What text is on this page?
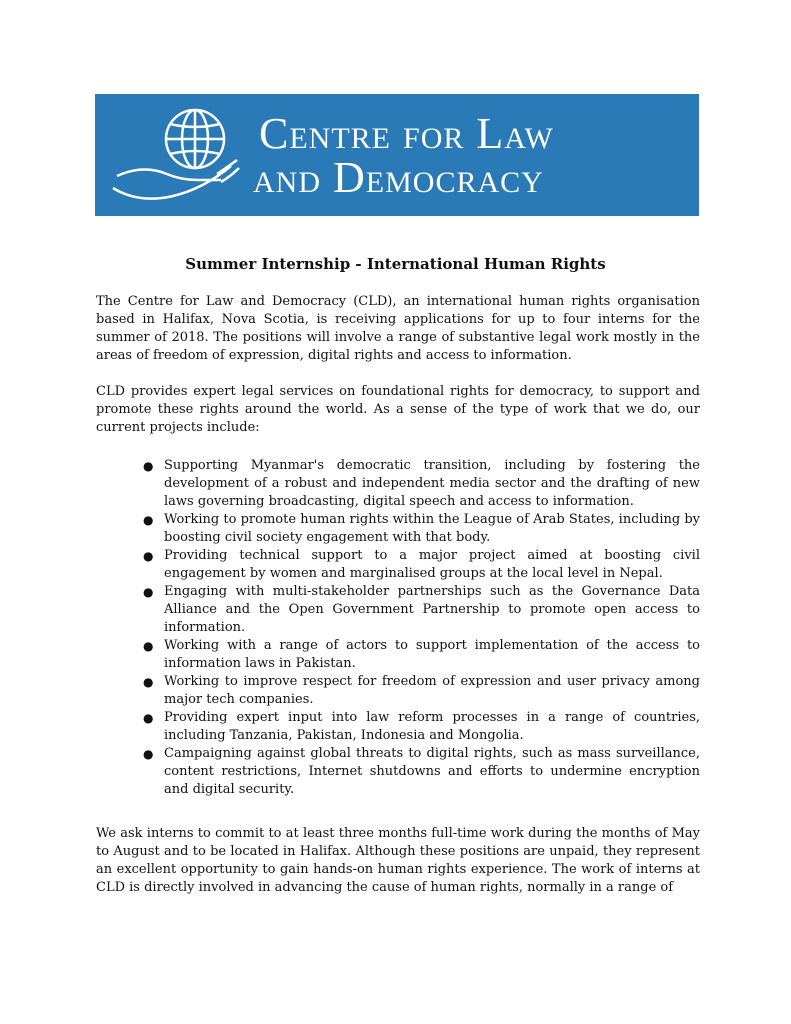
CENTRE FOR LAW
AND DEMOCRACY
Summer Internship - International Human Rights

The Centre for Law and Democracy (CLD), an international human rights organisation based in Halifax, Nova Scotia, is receiving applications for up to four interns for the summer of 2018. The positions will involve a range of substantive legal work mostly in the areas of freedom of expression, digital rights and access to information.

CLD provides expert legal services on foundational rights for democracy, to support and promote these rights around the world. As a sense of the type of work that we do, our current projects include:

● Supporting Myanmar's democratic transition, including by fostering the development of a robust and independent media sector and the drafting of new laws governing broadcasting, digital speech and access to information.
● Working to promote human rights within the League of Arab States, including by boosting civil society engagement with that body.
● Providing technical support to a major project aimed at boosting civil engagement by women and marginalised groups at the local level in Nepal.
● Engaging with multi-stakeholder partnerships such as the Governance Data Alliance and the Open Government Partnership to promote open access to information.
● Working with a range of actors to support implementation of the access to information laws in Pakistan.
● Working to improve respect for freedom of expression and user privacy among major tech companies.
● Providing expert input into law reform processes in a range of countries, including Tanzania, Pakistan, Indonesia and Mongolia.
● Campaigning against global threats to digital rights, such as mass surveillance, content restrictions, Internet shutdowns and efforts to undermine encryption and digital security.

We ask interns to commit to at least three months full-time work during the months of May to August and to be located in Halifax. Although these positions are unpaid, they represent an excellent opportunity to gain hands-on human rights experience. The work of interns at CLD is directly involved in advancing the cause of human rights, normally in a range of
